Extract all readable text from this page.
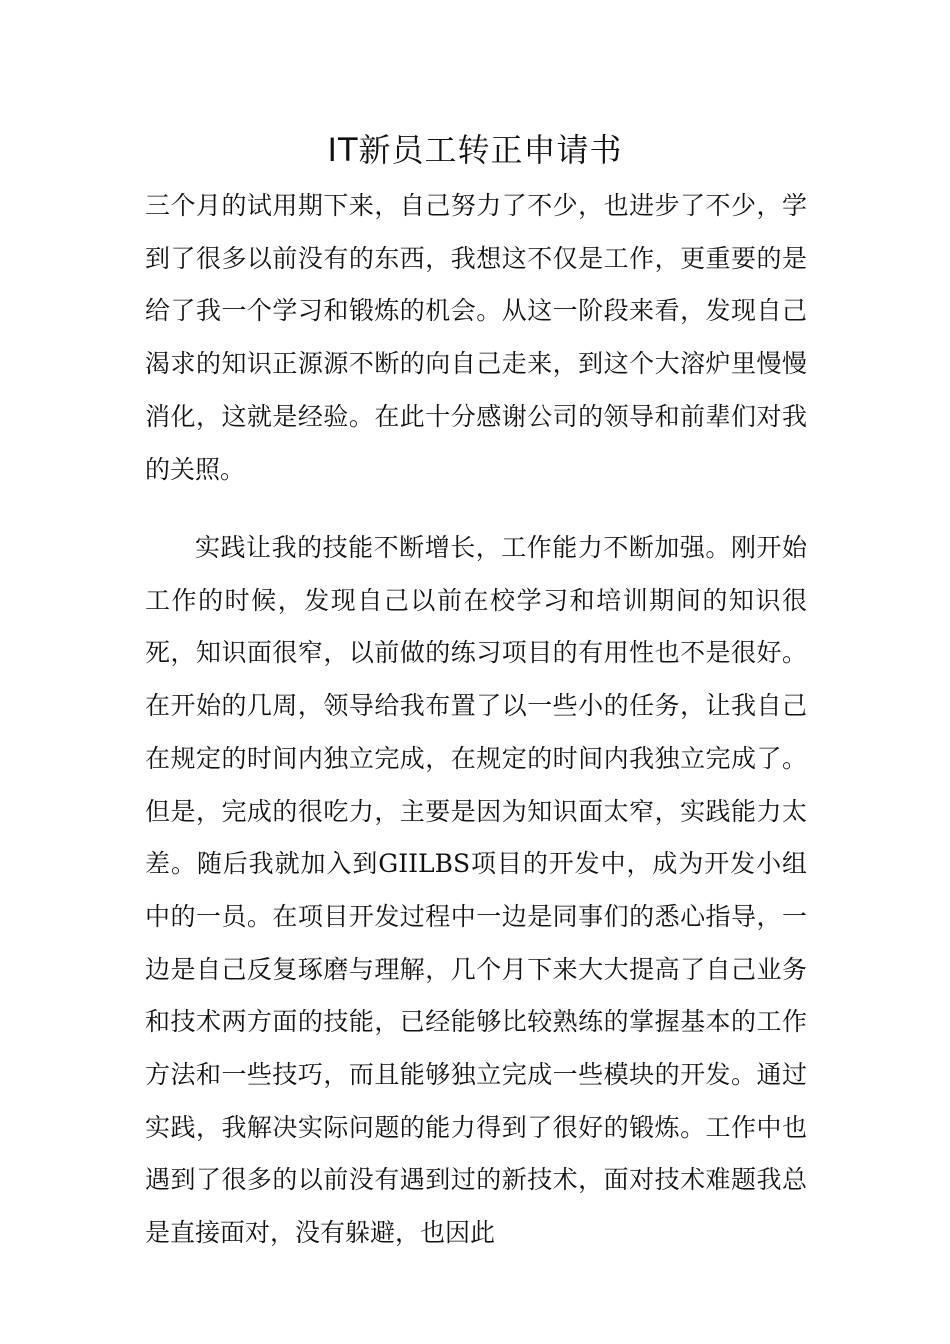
IT新员工转正申请书

三个月的试用期下来，自己努力了不少，也进步了不少，学到了很多以前没有的东西，我想这不仅是工作，更重要的是给了我一个学习和锻炼的机会。从这一阶段来看，发现自己渴求的知识正源源不断的向自己走来，到这个大溶炉里慢慢消化，这就是经验。在此十分感谢公司的领导和前辈们对我的关照。

实践让我的技能不断增长，工作能力不断加强。刚开始工作的时候，发现自己以前在校学习和培训期间的知识很死，知识面很窄，以前做的练习项目的有用性也不是很好。在开始的几周，领导给我布置了以一些小的任务，让我自己在规定的时间内独立完成，在规定的时间内我独立完成了。但是，完成的很吃力，主要是因为知识面太窄，实践能力太差。随后我就加入到GIILBS项目的开发中，成为开发小组中的一员。在项目开发过程中一边是同事们的悉心指导，一边是自己反复琢磨与理解，几个月下来大大提高了自己业务和技术两方面的技能，已经能够比较熟练的掌握基本的工作方法和一些技巧，而且能够独立完成一些模块的开发。通过实践，我解决实际问题的能力得到了很好的锻炼。工作中也遇到了很多的以前没有遇到过的新技术，面对技术难题我总是直接面对，没有躲避，也因此
